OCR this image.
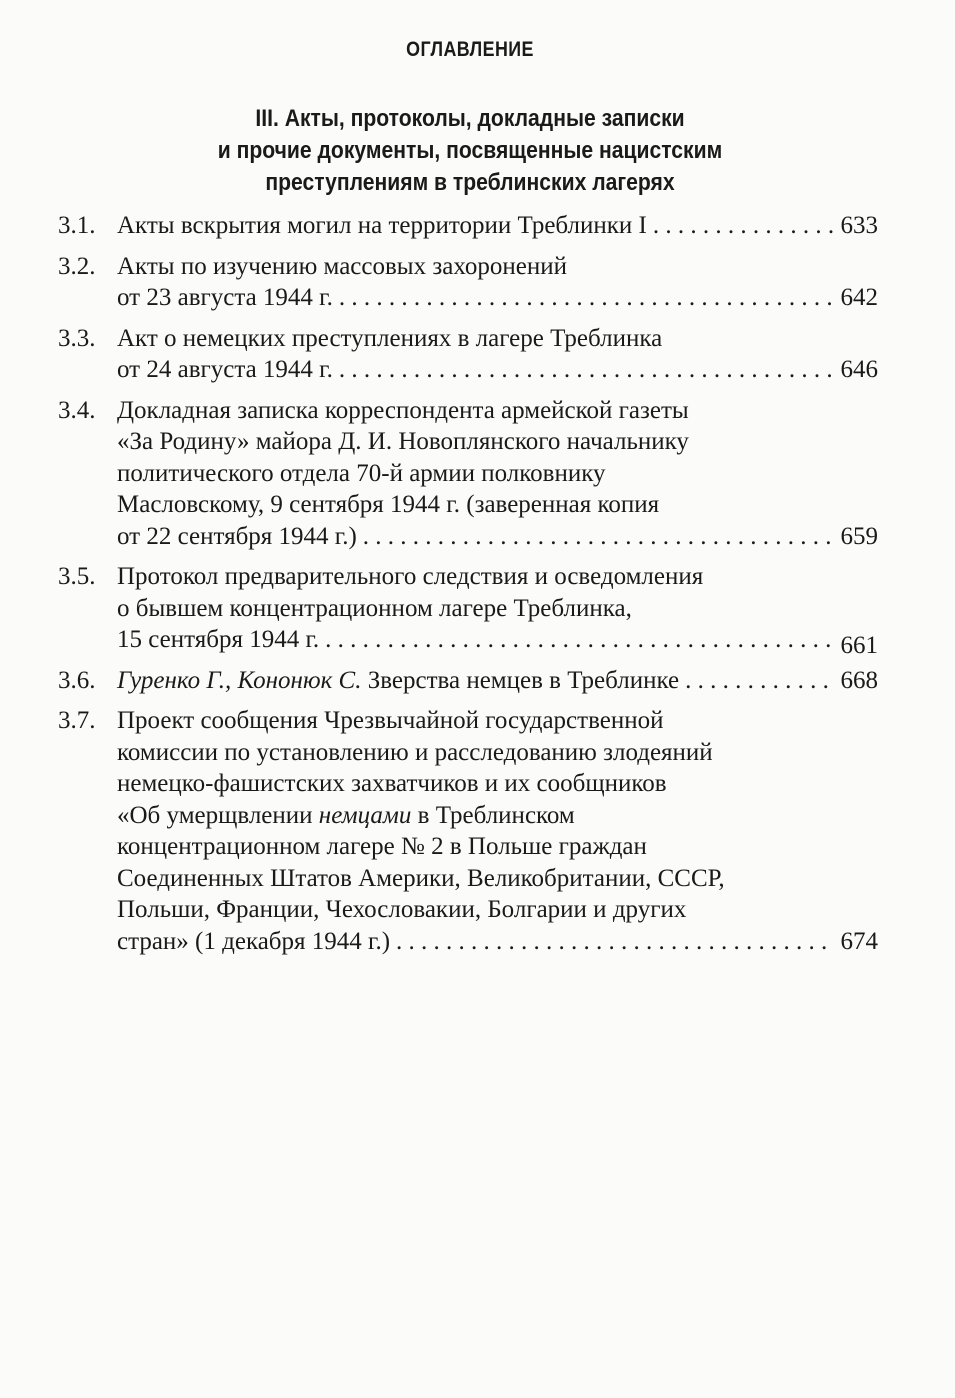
ОГЛАВЛЕНИЕ
III. Акты, протоколы, докладные записки
и прочие документы, посвященные нацистским
преступлениям в треблинских лагерях
3.1. Акты вскрытия могил на территории Треблинки I . . .	633
3.2. Акты по изучению массовых захоронений
от 23 августа 1944 г. . . .	642
3.3. Акт о немецких преступлениях в лагере Треблинка
от 24 августа 1944 г. . . .	646
3.4. Докладная записка корреспондента армейской газеты
«За Родину» майора Д. И. Новоплянского начальнику
политического отдела 70-й армии полковнику
Масловскому, 9 сентября 1944 г. (заверенная копия
от 22 сентября 1944 г.) . . .	659
3.5. Протокол предварительного следствия и осведомления
о бывшем концентрационном лагере Треблинка,
15 сентября 1944 г. . . .	661
3.6. Гуренко Г., Кононюк С. Зверства немцев в Треблинке . . .	668
3.7. Проект сообщения Чрезвычайной государственной
комиссии по установлению и расследованию злодеяний
немецко-фашистских захватчиков и их сообщников
«Об умерщвлении немцами в Треблинском
концентрационном лагере № 2 в Польше граждан
Соединенных Штатов Америки, Великобритании, СССР,
Польши, Франции, Чехословакии, Болгарии и других
стран» (1 декабря 1944 г.) . . .	674
